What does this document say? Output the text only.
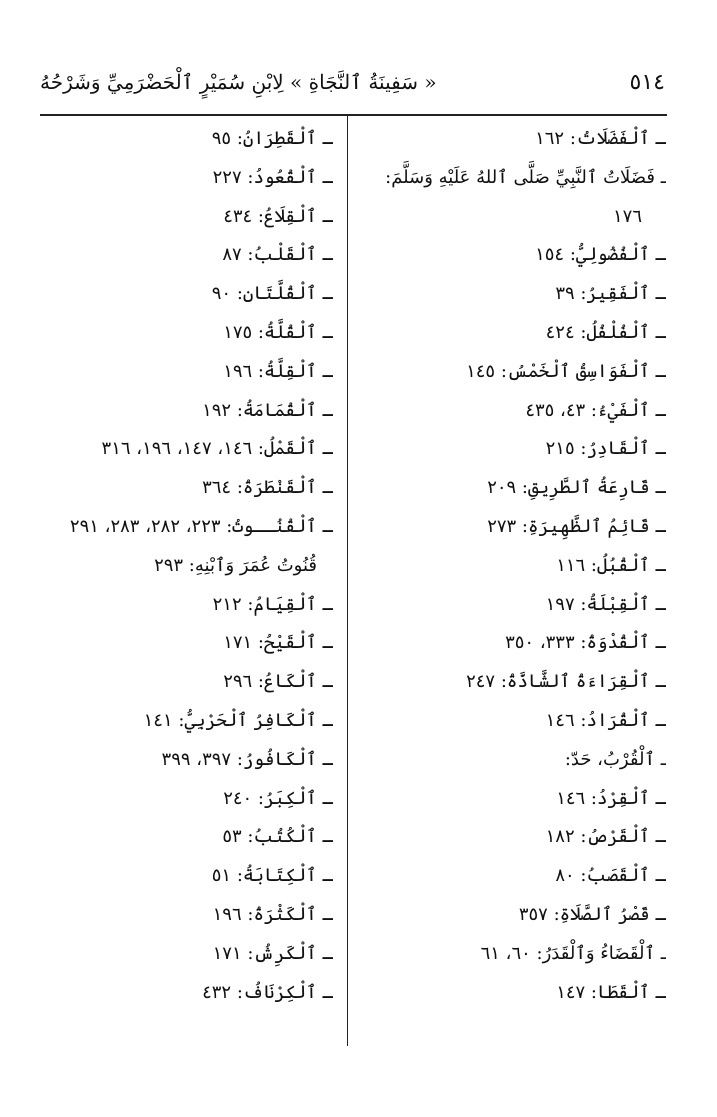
٥١٤
« سَفِينَةُ ٱلنَّجَاةِ » لِابْنِ سُمَيْرٍ ٱلْحَضْرَمِيِّ وَشَرْحُهُ
ـ ٱلْفَضَلَاتُ: ١٦٢
ـ فَضَلَاتُ ٱلنَّبِيِّ صَلَّى ٱللهُ عَلَيْهِ وَسَلَّمَ:
١٧٦
ـ ٱلْفُضُولِيُّ: ١٥٤
ـ ٱلْفَقِيرُ: ٣٩
ـ ٱلْفُلْفُلُ: ٤٢٤
ـ ٱلْفَوَاسِقُ ٱلْخَمْسُ: ١٤٥
ـ ٱلْفَيْءُ: ٤٣، ٤٣٥
ـ ٱلْقَادِرُ: ٢١٥
ـ قَارِعَةُ ٱلطَّرِيقِ: ٢٠٩
ـ قَائِمُ ٱلظَّهِيرَةِ: ٢٧٣
ـ ٱلْقُبُلُ: ١١٦
ـ ٱلْقِبْلَةُ: ١٩٧
ـ ٱلْقُدْوَةُ: ٣٣٣، ٣٥٠
ـ ٱلْقِرَاءَةُ ٱلشَّاذَّةُ: ٢٤٧
ـ ٱلْقُرَادُ: ١٤٦
ـ ٱلْقُرْبُ، حَدّ:
ـ ٱلْقِرْدُ: ١٤٦
ـ ٱلْقَرْصُ: ١٨٢
ـ ٱلْقَصَبُ: ٨٠
ـ قَصْرُ ٱلصَّلَاةِ: ٣٥٧
ـ ٱلْقَضَاءُ وَٱلْقَدَرُ: ٦٠، ٦١
ـ ٱلْقَطَا: ١٤٧
ـ ٱلْقَطِرَانُ: ٩٥
ـ ٱلْقُعُودُ: ٢٢٧
ـ ٱلْقِلَاعُ: ٤٣٤
ـ ٱلْقَلْبُ: ٨٧
ـ ٱلْقُلَّتَانِ: ٩٠
ـ ٱلْقُلَّةُ: ١٧٥
ـ ٱلْقِلَّةُ: ١٩٦
ـ ٱلْقُمَامَةُ: ١٩٢
ـ ٱلْقَمْلُ: ١٤٦، ١٤٧، ١٩٦، ٣١٦
ـ ٱلْقَنْطَرَةُ: ٣٦٤
ـ ٱلْقُنُــوتُ: ٢٢٣، ٢٨٢، ٢٨٣، ٢٩١
قُنُوتُ عُمَرَ وَٱبْنِهِ: ٢٩٣
ـ ٱلْقِيَامُ: ٢١٢
ـ ٱلْقَيْحُ: ١٧١
ـ ٱلْكَاعُ: ٢٩٦
ـ ٱلْكَافِرُ ٱلْحَرْبِيُّ: ١٤١
ـ ٱلْكَافُورُ: ٣٩٧، ٣٩٩
ـ ٱلْكِبَرُ: ٢٤٠
ـ ٱلْكُتُبُ: ٥٣
ـ ٱلْكِتَابَةُ: ٥١
ـ ٱلْكَثْرَةُ: ١٩٦
ـ ٱلْكَرِشُ: ١٧١
ـ ٱلْكِرْنَافُ: ٤٣٢
